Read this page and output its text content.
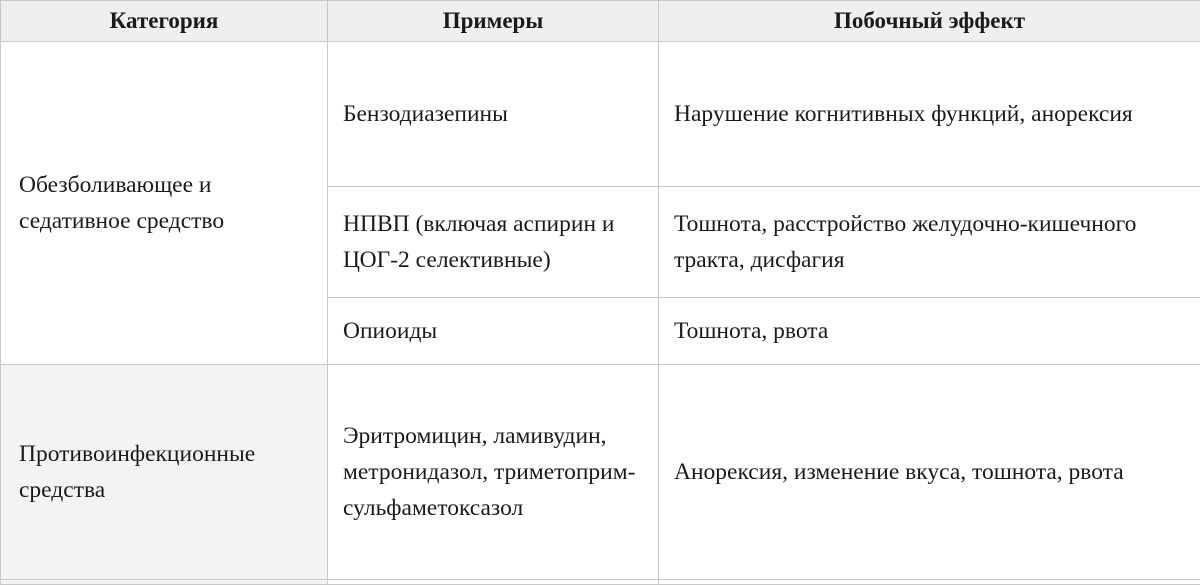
Категория	Примеры	Побочный эффект
Обезболивающее и седативное средство	Бензодиазепины	Нарушение когнитивных функций, анорексия
	НПВП (включая аспирин и ЦОГ-2 селективные)	Тошнота, расстройство желудочно-кишечного тракта, дисфагия
	Опиоиды	Тошнота, рвота
Противоинфекционные средства	Эритромицин, ламивудин, метронидазол, триметоприм-сульфаметоксазол	Анорексия, изменение вкуса, тошнота, рвота
